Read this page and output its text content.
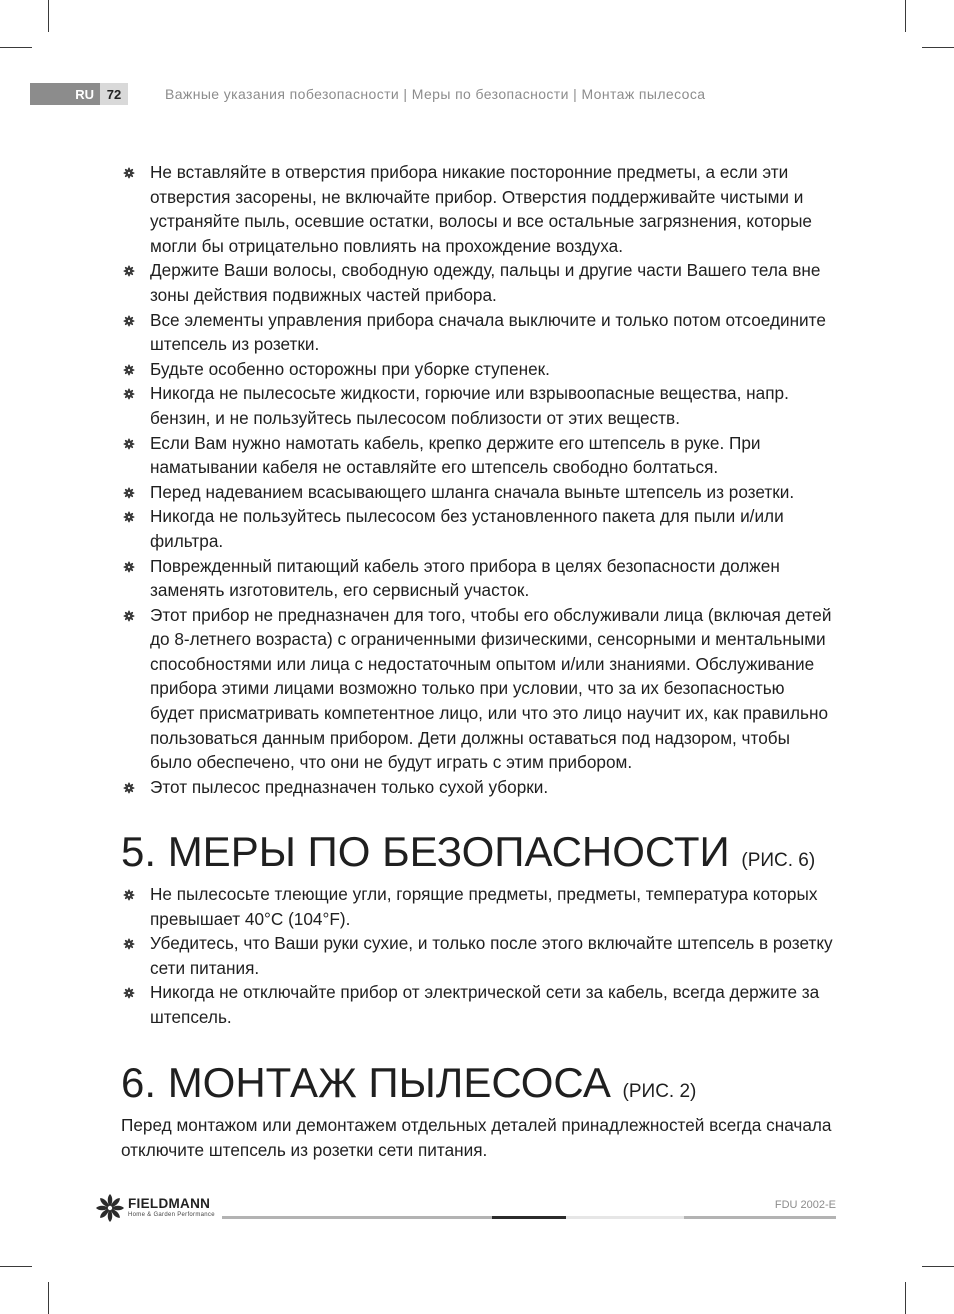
RU 72	Важные указания побезопасности | Меры по безопасности | Монтаж пылесоса
Не вставляйте в отверстия прибора никакие посторонние предметы, а если эти отверстия засорены, не включайте прибор. Отверстия поддерживайте чистыми и устраняйте пыль, осевшие остатки, волосы и все остальные загрязнения, которые могли бы отрицательно повлиять на прохождение воздуха.
Держите Ваши волосы, свободную одежду, пальцы и другие части Вашего тела вне зоны действия подвижных частей прибора.
Все элементы управления прибора сначала выключите и только потом отсоедините штепсель из розетки.
Будьте особенно осторожны при уборке ступенек.
Никогда не пылесосьте жидкости, горючие или взрывоопасные вещества, напр. бензин, и не пользуйтесь пылесосом поблизости от этих веществ.
Если Вам нужно намотать кабель, крепко держите его штепсель в руке. При наматывании кабеля не оставляйте его штепсель свободно болтаться.
Перед надеванием всасывающего шланга сначала выньте штепсель из розетки.
Никогда не пользуйтесь пылесосом без установленного пакета для пыли и/или фильтра.
Поврежденный питающий кабель этого прибора в целях безопасности должен заменять изготовитель, его сервисный участок.
Этот прибор не предназначен для того, чтобы его обслуживали лица (включая детей до 8-летнего возраста) с ограниченными физическими, сенсорными и ментальными способностями или лица с недостаточным опытом и/или знаниями. Обслуживание прибора этими лицами возможно только при условии, что за их безопасностью будет присматривать компетентное лицо, или что это лицо научит их, как правильно пользоваться данным прибором. Дети должны оставаться под надзором, чтобы было обеспечено, что они не будут играть с этим прибором.
Этот пылесос предназначен только сухой уборки.
5. МЕРЫ ПО БЕЗОПАСНОСТИ (РИС. 6)
Не пылесосьте тлеющие угли, горящие предметы, предметы, температура которых превышает 40°C (104°F).
Убедитесь, что Ваши руки сухие, и только после этого включайте штепсель в розетку сети питания.
Никогда не отключайте прибор от электрической сети за кабель, всегда держите за штепсель.
6. МОНТАЖ ПЫЛЕСОСА (РИС. 2)

Перед монтажом или демонтажем отдельных деталей принадлежностей всегда сначала отключите штепсель из розетки сети питания.

FIELDMANN
Home & Garden Performance
FDU 2002-E
